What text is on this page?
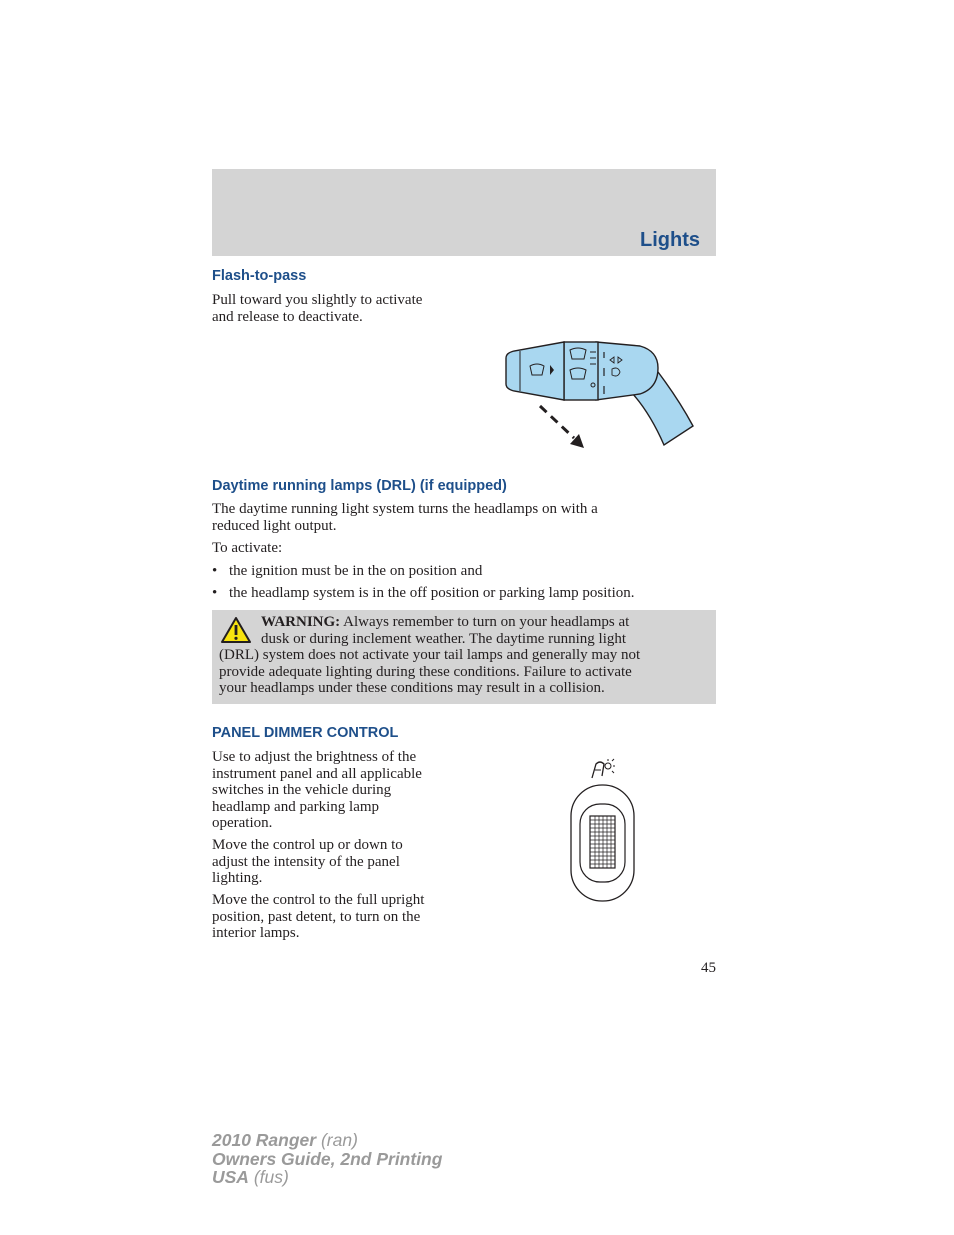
Lights
Flash-to-pass
Pull toward you slightly to activate
and release to deactivate.
Daytime running lamps (DRL) (if equipped)
The daytime running light system turns the headlamps on with a
reduced light output.
To activate:
• the ignition must be in the on position and
• the headlamp system is in the off position or parking lamp position.
WARNING: Always remember to turn on your headlamps at
dusk or during inclement weather. The daytime running light
(DRL) system does not activate your tail lamps and generally may not
provide adequate lighting during these conditions. Failure to activate
your headlamps under these conditions may result in a collision.
PANEL DIMMER CONTROL
Use to adjust the brightness of the
instrument panel and all applicable
switches in the vehicle during
headlamp and parking lamp
operation.
Move the control up or down to
adjust the intensity of the panel
lighting.
Move the control to the full upright
position, past detent, to turn on the
interior lamps.
45
2010 Ranger (ran)
Owners Guide, 2nd Printing
USA (fus)
